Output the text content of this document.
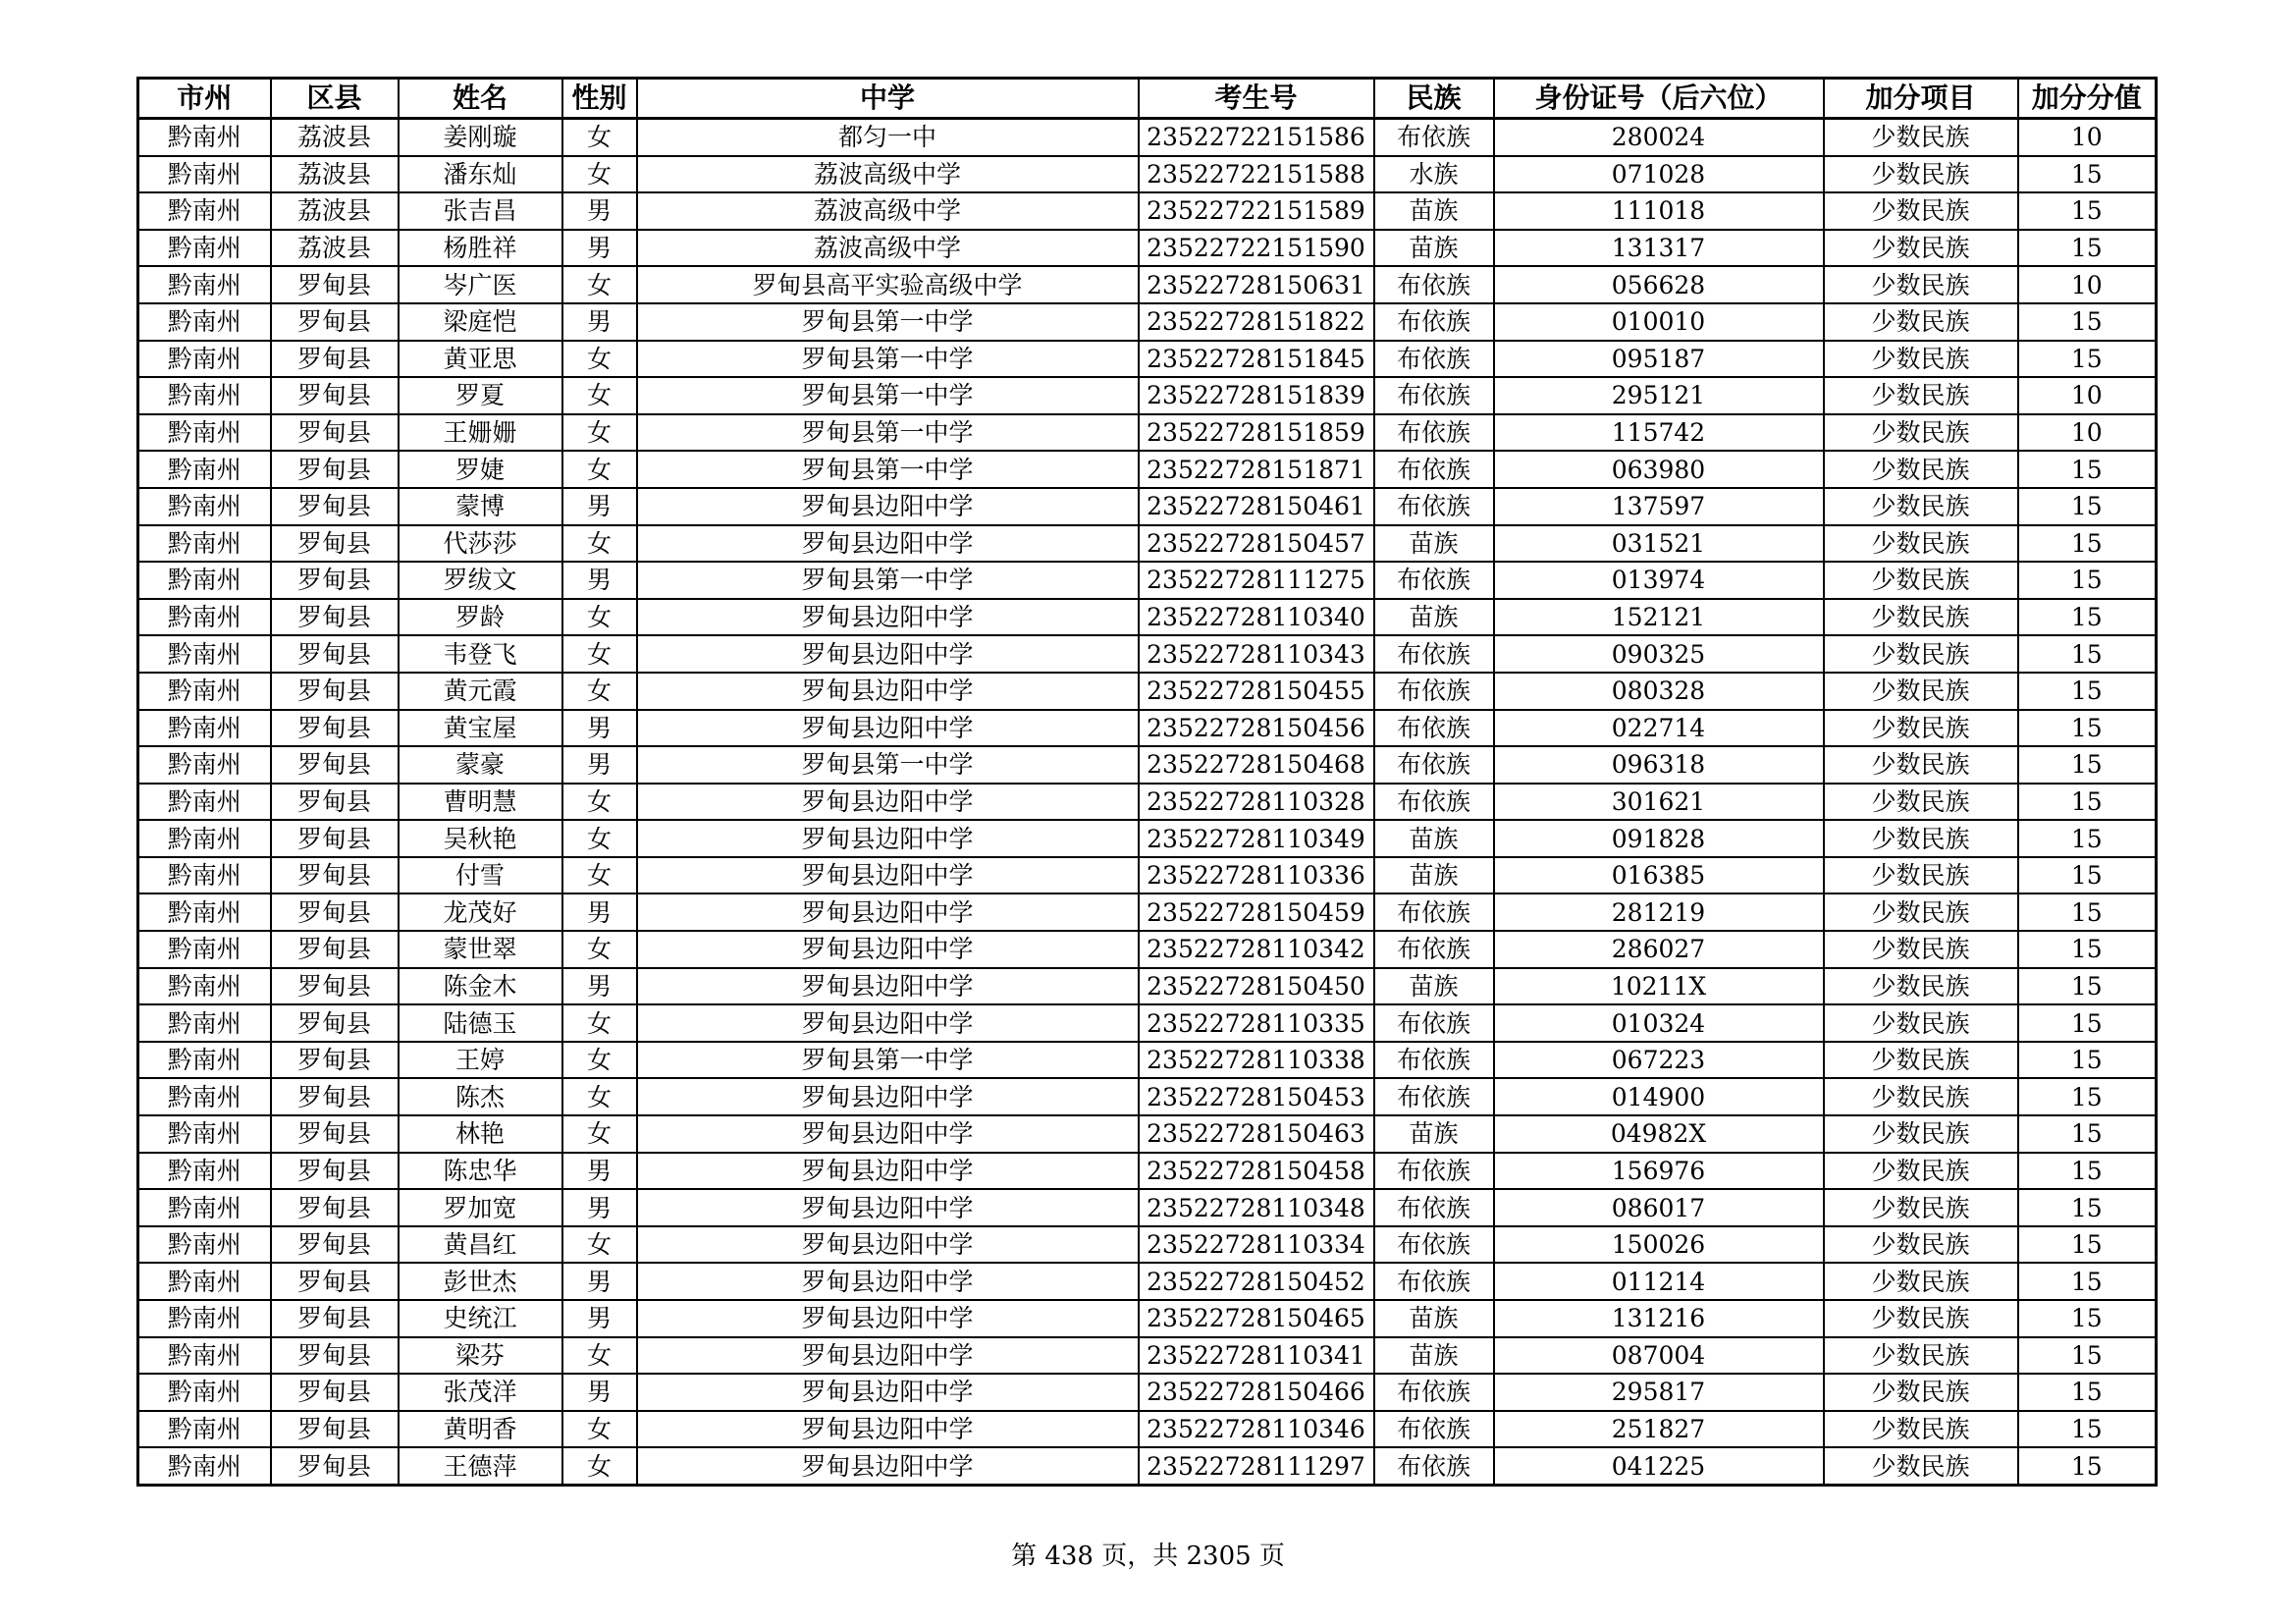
市州	区县	姓名	性别	中学	考生号	民族	身份证号（后六位）	加分项目	加分分值
黔南州	荔波县	姜刚璇	女	都匀一中	23522722151586	布依族	280024	少数民族	10
黔南州	荔波县	潘东灿	女	荔波高级中学	23522722151588	水族	071028	少数民族	15
黔南州	荔波县	张吉昌	男	荔波高级中学	23522722151589	苗族	111018	少数民族	15
黔南州	荔波县	杨胜祥	男	荔波高级中学	23522722151590	苗族	131317	少数民族	15
黔南州	罗甸县	岑广医	女	罗甸县高平实验高级中学	23522728150631	布依族	056628	少数民族	10
黔南州	罗甸县	梁庭恺	男	罗甸县第一中学	23522728151822	布依族	010010	少数民族	15
黔南州	罗甸县	黄亚思	女	罗甸县第一中学	23522728151845	布依族	095187	少数民族	15
黔南州	罗甸县	罗夏	女	罗甸县第一中学	23522728151839	布依族	295121	少数民族	10
黔南州	罗甸县	王姗姗	女	罗甸县第一中学	23522728151859	布依族	115742	少数民族	10
黔南州	罗甸县	罗婕	女	罗甸县第一中学	23522728151871	布依族	063980	少数民族	15
黔南州	罗甸县	蒙博	男	罗甸县边阳中学	23522728150461	布依族	137597	少数民族	15
黔南州	罗甸县	代莎莎	女	罗甸县边阳中学	23522728150457	苗族	031521	少数民族	15
黔南州	罗甸县	罗绂文	男	罗甸县第一中学	23522728111275	布依族	013974	少数民族	15
黔南州	罗甸县	罗龄	女	罗甸县边阳中学	23522728110340	苗族	152121	少数民族	15
黔南州	罗甸县	韦登飞	女	罗甸县边阳中学	23522728110343	布依族	090325	少数民族	15
黔南州	罗甸县	黄元霞	女	罗甸县边阳中学	23522728150455	布依族	080328	少数民族	15
黔南州	罗甸县	黄宝屋	男	罗甸县边阳中学	23522728150456	布依族	022714	少数民族	15
黔南州	罗甸县	蒙豪	男	罗甸县第一中学	23522728150468	布依族	096318	少数民族	15
黔南州	罗甸县	曹明慧	女	罗甸县边阳中学	23522728110328	布依族	301621	少数民族	15
黔南州	罗甸县	吴秋艳	女	罗甸县边阳中学	23522728110349	苗族	091828	少数民族	15
黔南州	罗甸县	付雪	女	罗甸县边阳中学	23522728110336	苗族	016385	少数民族	15
黔南州	罗甸县	龙茂好	男	罗甸县边阳中学	23522728150459	布依族	281219	少数民族	15
黔南州	罗甸县	蒙世翠	女	罗甸县边阳中学	23522728110342	布依族	286027	少数民族	15
黔南州	罗甸县	陈金木	男	罗甸县边阳中学	23522728150450	苗族	10211X	少数民族	15
黔南州	罗甸县	陆德玉	女	罗甸县边阳中学	23522728110335	布依族	010324	少数民族	15
黔南州	罗甸县	王婷	女	罗甸县第一中学	23522728110338	布依族	067223	少数民族	15
黔南州	罗甸县	陈杰	女	罗甸县边阳中学	23522728150453	布依族	014900	少数民族	15
黔南州	罗甸县	林艳	女	罗甸县边阳中学	23522728150463	苗族	04982X	少数民族	15
黔南州	罗甸县	陈忠华	男	罗甸县边阳中学	23522728150458	布依族	156976	少数民族	15
黔南州	罗甸县	罗加宽	男	罗甸县边阳中学	23522728110348	布依族	086017	少数民族	15
黔南州	罗甸县	黄昌红	女	罗甸县边阳中学	23522728110334	布依族	150026	少数民族	15
黔南州	罗甸县	彭世杰	男	罗甸县边阳中学	23522728150452	布依族	011214	少数民族	15
黔南州	罗甸县	史统江	男	罗甸县边阳中学	23522728150465	苗族	131216	少数民族	15
黔南州	罗甸县	梁芬	女	罗甸县边阳中学	23522728110341	苗族	087004	少数民族	15
黔南州	罗甸县	张茂洋	男	罗甸县边阳中学	23522728150466	布依族	295817	少数民族	15
黔南州	罗甸县	黄明香	女	罗甸县边阳中学	23522728110346	布依族	251827	少数民族	15
黔南州	罗甸县	王德萍	女	罗甸县边阳中学	23522728111297	布依族	041225	少数民族	15
第 438 页，共 2305 页
